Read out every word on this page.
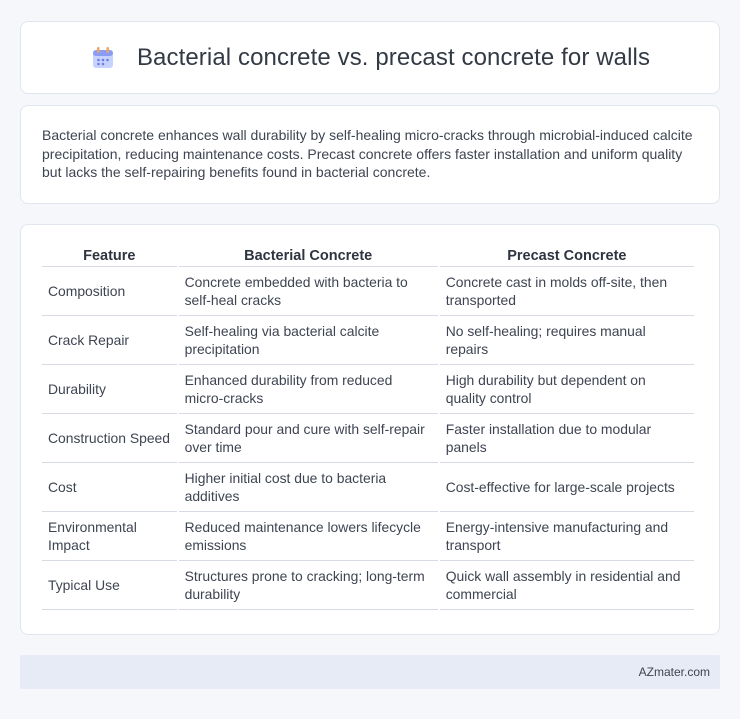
Bacterial concrete vs. precast concrete for walls

Bacterial concrete enhances wall durability by self-healing micro-cracks through microbial-induced calcite precipitation, reducing maintenance costs. Precast concrete offers faster installation and uniform quality but lacks the self-repairing benefits found in bacterial concrete.

Feature	Bacterial Concrete	Precast Concrete
Composition	Concrete embedded with bacteria to self-heal cracks	Concrete cast in molds off-site, then transported
Crack Repair	Self-healing via bacterial calcite precipitation	No self-healing; requires manual repairs
Durability	Enhanced durability from reduced micro-cracks	High durability but dependent on quality control
Construction Speed	Standard pour and cure with self-repair over time	Faster installation due to modular panels
Cost	Higher initial cost due to bacteria additives	Cost-effective for large-scale projects
Environmental Impact	Reduced maintenance lowers lifecycle emissions	Energy-intensive manufacturing and transport
Typical Use	Structures prone to cracking; long-term durability	Quick wall assembly in residential and commercial
AZmater.com
